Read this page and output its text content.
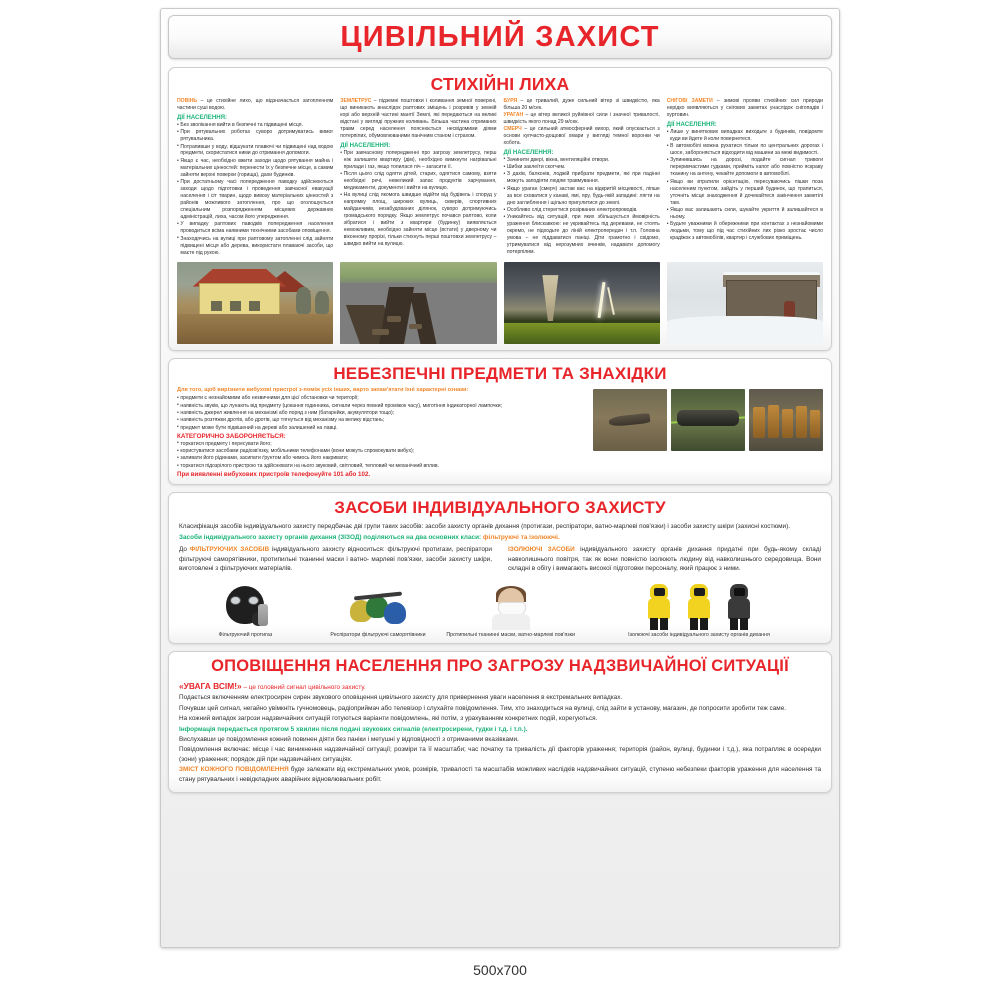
ЦИВІЛЬНИЙ ЗАХИСТ
СТИХІЙНІ ЛИХА
ПОВІНЬ – це стихійне лихо, що відзначається затопленням частини суші водою.
ДІЇ НАСЕЛЕННЯ:
• Без зволікання вийти в безпечні та підвищені місця.
• При рятувальних роботах суворо дотримуватись вимог рятувальника.
• Потрапивши у воду, відшукати плавючі чи підвищені над водою предмети, скористатися ними до отримання допомоги.
• Якщо є час, необхідно вжити заходи щодо рятування майна і матеріальних цінностей: перенести їх у безпечне місце, а самим зайняти верхні поверхи (горища), дахи будинків.
• При достатньому часі попередження паводку здійснюються заходи щодо підготовки і проведення завчасної евакуації населення і сіт тварин, щодо вивозу матеріальних цінностей з районів можливого затоплення, про що оголошується спеціальним розпорядженням місцевих державних адміністрацій, лиха, часом його упередження.
• У випадку раптових паводків попередження населення проводиться всіма наявними технічними засобами оповіщення.
• Знаходячись на вулиці при раптовому затопленні слід зайняти підвищені місця або дерева, використати плаваючі засоби, що маєте під рукою.
ЗЕМЛЕТРУС – підземні поштовхи і коливання земної поверхні, що виникають внаслідок раптових зміщень і розривів у земній корі або верхній частині мантії Землі, які передаються на великі відстані у вигляді пружних коливань. Більша частина отриманих травм серед населення пояснюється несвідомими діями потерпілих, обумовлюваними панічним станом і страхом.
ДІЇ НАСЕЛЕННЯ:
• При завчасному попередженні про загрозу землетрусу, перш ніж залишити квартиру (дім), необхідно вимкнути нагрівальні прилади і газ, якщо топилася піч – загасити її.
• Після цього слід одягти дітей, старих, одягтися самому, взяти необхідні речі, невеликий запас продуктів харчування, медикаменти, документи і вийти на вулицю.
• На вулиці слід якомога швидше відійти від будівель і споруд у напрямку площ, широких вулиць, скверів, спортивних майданчиків, незабудованих ділянок, суворо дотримуючись громадського порядку. Якщо землетрус почався раптово, коли зібратися і вийти з квартири (будинку) виявляється неможливим, необхідно зайняти місце (встати) у дверному чи віконному прорізі, тільки стихнуть перші поштовхи землетрусу – швидко вийти на вулицю.
БУРЯ – це тривалий, дуже сильний вітер зі швидкістю, яка більша 20 м/сек.
УРАГАН – це вітер великої руйнівної сили і значної тривалості, швидкість якого понад 29 м/сек.
СМЕРЧ – це сильний атмосферний вихор, який опускається з основи купчасто-дощової хмари у вигляді темної воронки чи хобота.
ДІЇ НАСЕЛЕННЯ:
• Зачинити двері, вікна, вентиляційні отвори.
• Шибки заклеїти скотчем.
• З дахів, балконів, лоджій прибрати предмети, які при падінні можуть заподіяти людям травмування.
• Якщо ураган (смерч) застав вас на відкритій місцевості, ліпше за все сховатися у канаві, ямі, яру, будь-якій западині: лягти на дно заглиблення і щільно пригулитися до землі.
• Особливо слід стерегтися розірваних електропроводів.
• Уникайтесь від ситуацій, при яких збільшується ймовірність ураження блискавкою: не укривайтесь під деревами, не стоять окремо, не підходьте до ліній електропередач і т.п. Головна умова – не піддаватися паніці. Діти грамотно і свідомо, утримуватися від нерозумних вчинків, надавати допомогу потерпілим.
СНІГОВІ ЗАМЕТИ – зимові прояви стихійних сил природи нерідко виявляються у снігових заметах унаслідок снігопадів і хуртовин.
ДІЇ НАСЕЛЕННЯ:
• Лише у виняткових випадках виходьте з будинків, повідомте куди ви йдете й коли повернетеся.
• В автомобілі можна рухатися тільки по центральних дорогах і шосе, забороняється відходити від машини за межі видимості.
• Зупинившись на дорозі, подайте сигнал тривоги переривчастими гудками, прийміть капот або повністю яскраву тканину на антену, чекайте допомоги в автомобілі.
• Якщо ви втратили орієнтацію, пересуваючись пішки поза населеним пунктом, зайдіть у перший будинок, що трапиться, уточніть місце знаходження й дочекайтеся закінчення заметілі там.
• Якщо вас залишають сили, шукайте укриття й залишайтеся в ньому.
• Будьте уважними й обережними при контактах з незнайомими людьми, тому що під час стихійних лих різко зростає число крадіжок з автомобілів, квартир і службових приміщень.
НЕБЕЗПЕЧНІ ПРЕДМЕТИ ТА ЗНАХІДКИ
Для того, щоб вирізнити вибухові пристрої з-поміж усіх інших, варто запам'ятати їхні характерні ознаки:
• предмети є незнайомими або незвичними для цієї обстановки чи території;
• наявність звуків, що лунають від предмету (цокання годинника, сигнали через певний проміжок часу), миготіння індикаторної лампочки;
• наявність джерел живлення на механізмі або поряд з ним (батарейки, акумулятори тощо);
• наявність розтяжки дротів, або дротів, що тягнуться від механізму на велику відстань;
• предмет може бути підвішений на дереві або залишений на лавці.
КАТЕГОРИЧНО ЗАБОРОНЯЄТЬСЯ:
• торкатися предмету і пересувати його;
• користуватися засобами радіозв'язку, мобільними телефонами (вони можуть спровокувати вибух);
• заливати його рідинами, засипати ґрунтом або чимось його накривати;
• торкатися підозрілого пристрою та здійснювати на нього звуковий, світловий, тепловий чи механічний вплив.
При виявленні вибухових пристроїв телефонуйте 101 або 102.
ЗАСОБИ ІНДИВІДУАЛЬНОГО ЗАХИСТУ
Класифікація засобів індивідуального захисту передбачає дві групи таких засобів: засоби захисту органів дихання (протигази, респіратори, ватно-марлеві пов'язки) і засоби захисту шкіри (захисні костюми).
Засоби індивідуального захисту органів дихання (ЗІЗОД) поділяються на два основних класи: фільтруючі та ізолюючі.
До ФІЛЬТРУЮЧИХ ЗАСОБІВ індивідуального захисту відноситься: фільтруючі протигази, респіратори фільтруючі саморятівники, протипильні тканинні маски і ватно- марлеві пов'язки, засоби захисту шкіри, виготовлені з фільтруючих матеріалів.
ІЗОЛЮЮЧІ ЗАСОБИ індивідуального захисту органів дихання придатні при будь-якому складі навколишнього повітря, так як вони повністю ізолюють людину від навколишнього середовища. Вони складні в обігу і вимагають високої підготовки персоналу, який працює з ними.
Фільтруючий протигаз	Респіратори фільтруючі саморятівники	Протипильні тканинні маски, ватно-марлеві пов'язки	Ізолюючі засоби індивідуального захисту органів дихання
ОПОВІЩЕННЯ НАСЕЛЕННЯ ПРО ЗАГРОЗУ НАДЗВИЧАЙНОЇ СИТУАЦІЇ

«УВАГА ВСІМ!» – це головний сигнал цивільного захисту.

Подається включенням електросирен сирен звукового оповіщення цивільного захисту для привернення уваги населення в екстремальних випадках.

Почувши цей сигнал, негайно увімкніть гучномовець, радіоприймач або телевізор і слухайте повідомлення. Тим, хто знаходиться на вулиці, слід зайти в установу, магазин, де попросити зробити теж саме.

На кожний випадок загрози надзвичайних ситуацій готуються варіанти повідомлень, які потім, з урахуванням конкретних подій, корегуються.

Інформація передається протягом 5 хвилин після подачі звукових сигналів (електросирени, гудки і т.д. і т.п.).

Вислухавши це повідомлення кожний повинен діяти без паніки і метушні у відповідності з отриманими вказівками.

Повідомлення включає: місце і час виникнення надзвичайної ситуації; розміри та її масштаби; час початку та тривалість дії факторів ураження; територія (район, вулиці, будинки і т.д.), яка потрапляє в осередки (зони) ураження; порядок дій при надзвичайних ситуаціях.

ЗМІСТ КОЖНОГО ПОВІДОМЛЕННЯ буде залежати від екстремальних умов, розмірів, тривалості та масштабів можливих наслідків надзвичайних ситуацій, ступеню небезпеки факторів ураження для населення та стану рятувальних і невідкладних аварійних відновлювальних робіт.

500x700
